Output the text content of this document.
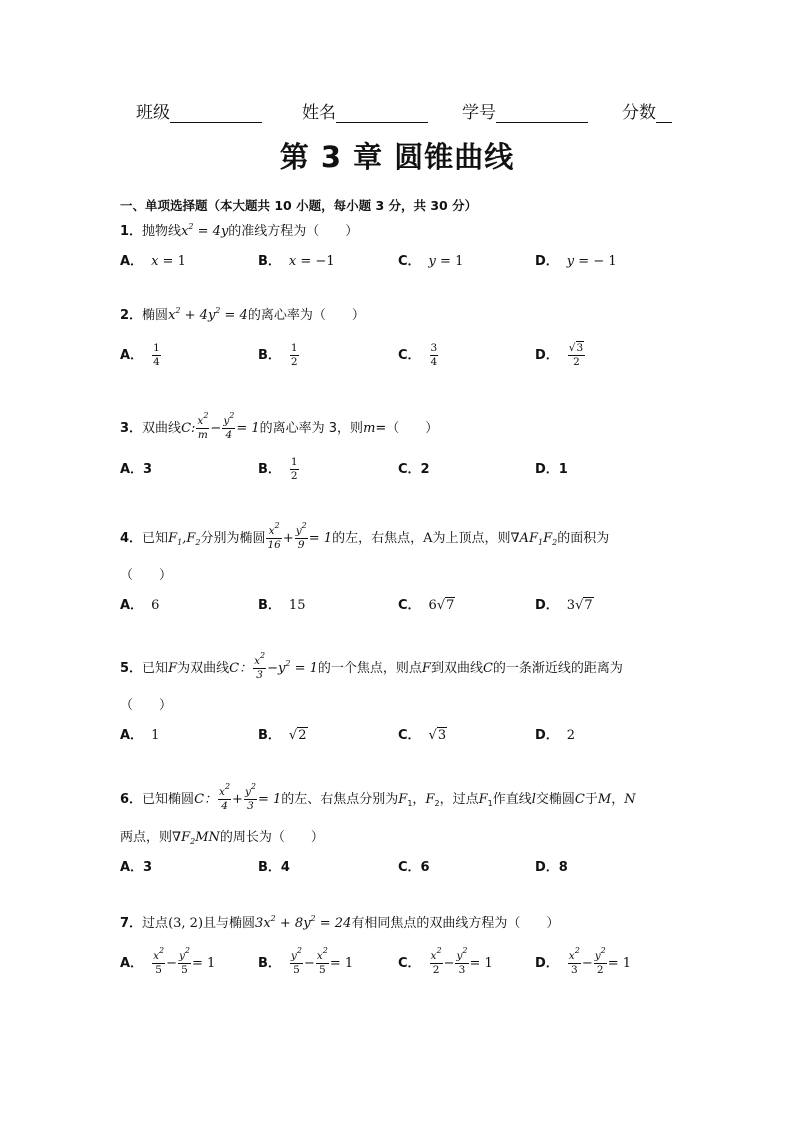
班级	姓名	学号	分数
第 3 章 圆锥曲线
一、单项选择题（本大题共 10 小题，每小题 3 分，共 30 分）
1．抛物线$x^2 = 4y$的准线方程为（　　）
A． x = 1	B． x = −1	C． y = 1	D． y = − 1
2．椭圆$x^2 + 4y^2 = 4$的离心率为（　　）
A． $\frac{1}{4}$	B． $\frac{1}{2}$	C． $\frac{3}{4}$	D． $\frac{√3}{2}$
3．双曲线C: $\frac{x^2}{m} - \frac{y^2}{4} = 1$的离心率为 3，则m=（　　）
A．3	B． $\frac{1}{2}$	C．2	D．1
4．已知$F_1,F_2$分别为椭圆 $\frac{x^2}{16} + \frac{y^2}{9} = 1$的左，右焦点，A为上顶点，则$\nabla AF_1F_2$的面积为
（　　）
A． 6	B． 15	C． 6√7	D． 3√7
5．已知F为双曲线C： $\frac{x^2}{3} -y^2 = 1$的一个焦点，则点F到双曲线C的一条渐近线的距离为
（　　）
A． 1	B． √2	C． √3	D． 2
6．已知椭圆C： $\frac{x^2}{4} + \frac{y^2}{3} = 1$的左、右焦点分别为$F_1$，$F_2$，过点$F_1$作直线l交椭圆C于M，N
两点，则$\nabla F_2MN$的周长为（　　）
A．3	B．4	C．6	D．8
7．过点(3, 2)且与椭圆$3x^2 + 8y^2 = 24$有相同焦点的双曲线方程为（　　）
A． $\frac{x^2}{5} - \frac{y^2}{5} = 1$	B． $\frac{y^2}{5} - \frac{x^2}{5} = 1$	C． $\frac{x^2}{2} - \frac{y^2}{3} = 1$	D． $\frac{x^2}{3} - \frac{y^2}{2} = 1$
